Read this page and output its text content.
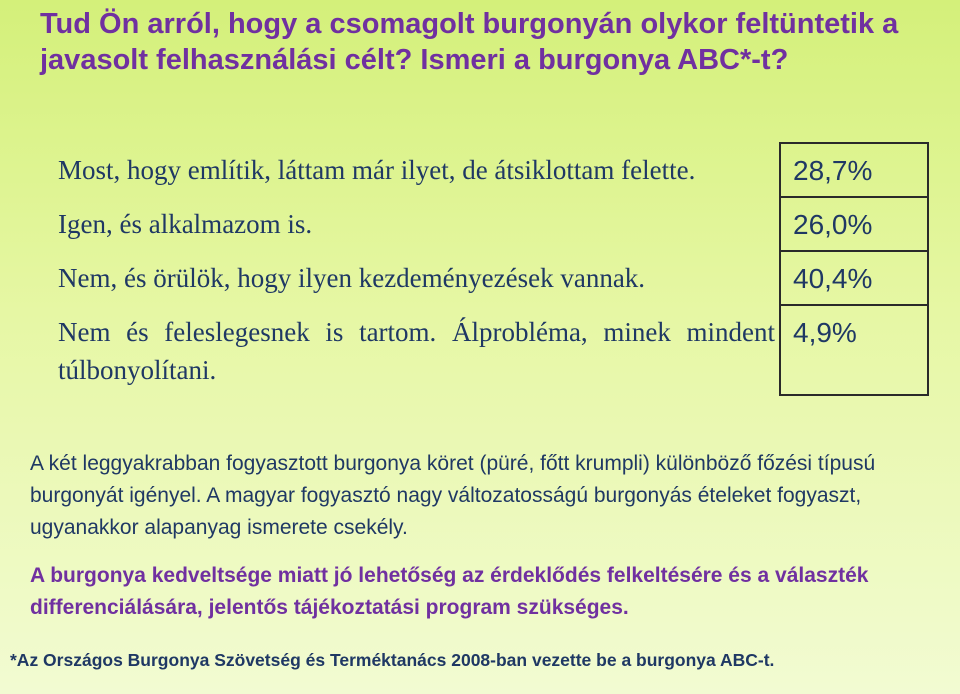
Tud Ön arról, hogy a csomagolt burgonyán olykor feltüntetik a javasolt felhasználási célt? Ismeri a burgonya ABC*-t?
Most, hogy említik, láttam már ilyet, de átsiklottam felette.	28,7%
Igen, és alkalmazom is.	26,0%
Nem, és örülök, hogy ilyen kezdeményezések vannak.	40,4%
Nem és feleslegesnek is tartom. Álprobléma, minek mindent túlbonyolítani.	4,9%
A két leggyakrabban fogyasztott burgonya köret (püré, főtt krumpli) különböző főzési típusú burgonyát igényel. A magyar fogyasztó nagy változatosságú burgonyás ételeket fogyaszt, ugyanakkor alapanyag ismerete csekély.
A burgonya kedveltsége miatt jó lehetőség az érdeklődés felkeltésére és a választék differenciálására, jelentős tájékoztatási program szükséges.
*Az Országos Burgonya Szövetség és Terméktanács 2008-ban vezette be a burgonya ABC-t.
